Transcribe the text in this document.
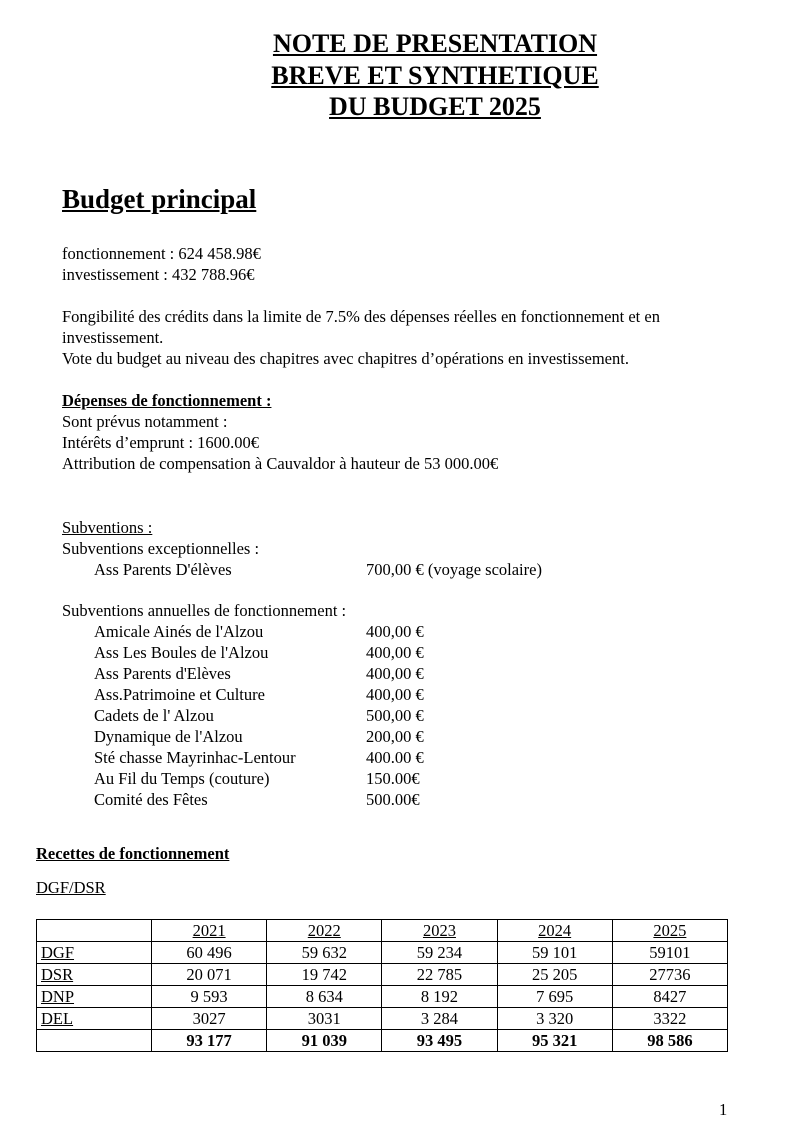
NOTE DE PRESENTATION
BREVE ET SYNTHETIQUE
DU BUDGET 2025
Budget principal
fonctionnement : 624 458.98€
investissement : 432 788.96€
Fongibilité des crédits dans la limite de 7.5% des dépenses réelles en fonctionnement et en
investissement.
Vote du budget au niveau des chapitres avec chapitres d’opérations en investissement.
Dépenses de fonctionnement :
Sont prévus notamment :
Intérêts d’emprunt : 1600.00€
Attribution de compensation à Cauvaldor à hauteur de 53 000.00€
Subventions :
Subventions exceptionnelles :
Ass Parents D'élèves	700,00 € (voyage scolaire)
Subventions annuelles de fonctionnement :
Amicale Ainés de l'Alzou	400,00 €
Ass Les Boules de l'Alzou	400,00 €
Ass Parents d'Elèves	400,00 €
Ass.Patrimoine et Culture	400,00 €
Cadets de l' Alzou	500,00 €
Dynamique de l'Alzou	200,00 €
Sté chasse Mayrinhac-Lentour	400.00 €
Au Fil du Temps (couture)	150.00€
Comité des Fêtes	500.00€
Recettes de fonctionnement
DGF/DSR
	2021	2022	2023	2024	2025
DGF	60 496	59 632	59 234	59 101	59101
DSR	20 071	19 742	22 785	25 205	27736
DNP	9 593	8 634	8 192	7 695	8427
DEL	3027	3031	3 284	3 320	3322
	93 177	91 039	93 495	95 321	98 586
1
